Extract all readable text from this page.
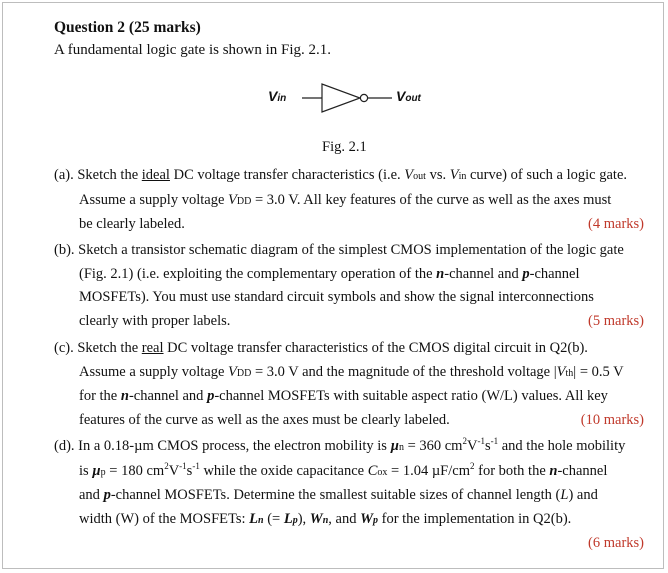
Question 2 (25 marks)
A fundamental logic gate is shown in Fig. 2.1.
Vin	Vout
Fig. 2.1
(a). Sketch the ideal DC voltage transfer characteristics (i.e. Vout vs. Vin curve) of such a logic gate.
Assume a supply voltage VDD = 3.0 V. All key features of the curve as well as the axes must
be clearly labeled.	(4 marks)
(b). Sketch a transistor schematic diagram of the simplest CMOS implementation of the logic gate
(Fig. 2.1) (i.e. exploiting the complementary operation of the n-channel and p-channel
MOSFETs). You must use standard circuit symbols and show the signal interconnections
clearly with proper labels.	(5 marks)
(c). Sketch the real DC voltage transfer characteristics of the CMOS digital circuit in Q2(b).
Assume a supply voltage VDD = 3.0 V and the magnitude of the threshold voltage |Vth| = 0.5 V
for the n-channel and p-channel MOSFETs with suitable aspect ratio (W/L) values. All key
features of the curve as well as the axes must be clearly labeled.	(10 marks)
(d). In a 0.18-µm CMOS process, the electron mobility is µn = 360 $cm^2V^{-1}s^{-1}$ and the hole mobility
is µp = 180 $cm^2V^{-1}s^{-1}$ while the oxide capacitance Cox = 1.04 $\mu F/cm^2$ for both the n-channel
and p-channel MOSFETs. Determine the smallest suitable sizes of channel length (L) and
width (W) of the MOSFETs: Ln (= Lp), Wn, and Wp for the implementation in Q2(b).
(6 marks)
